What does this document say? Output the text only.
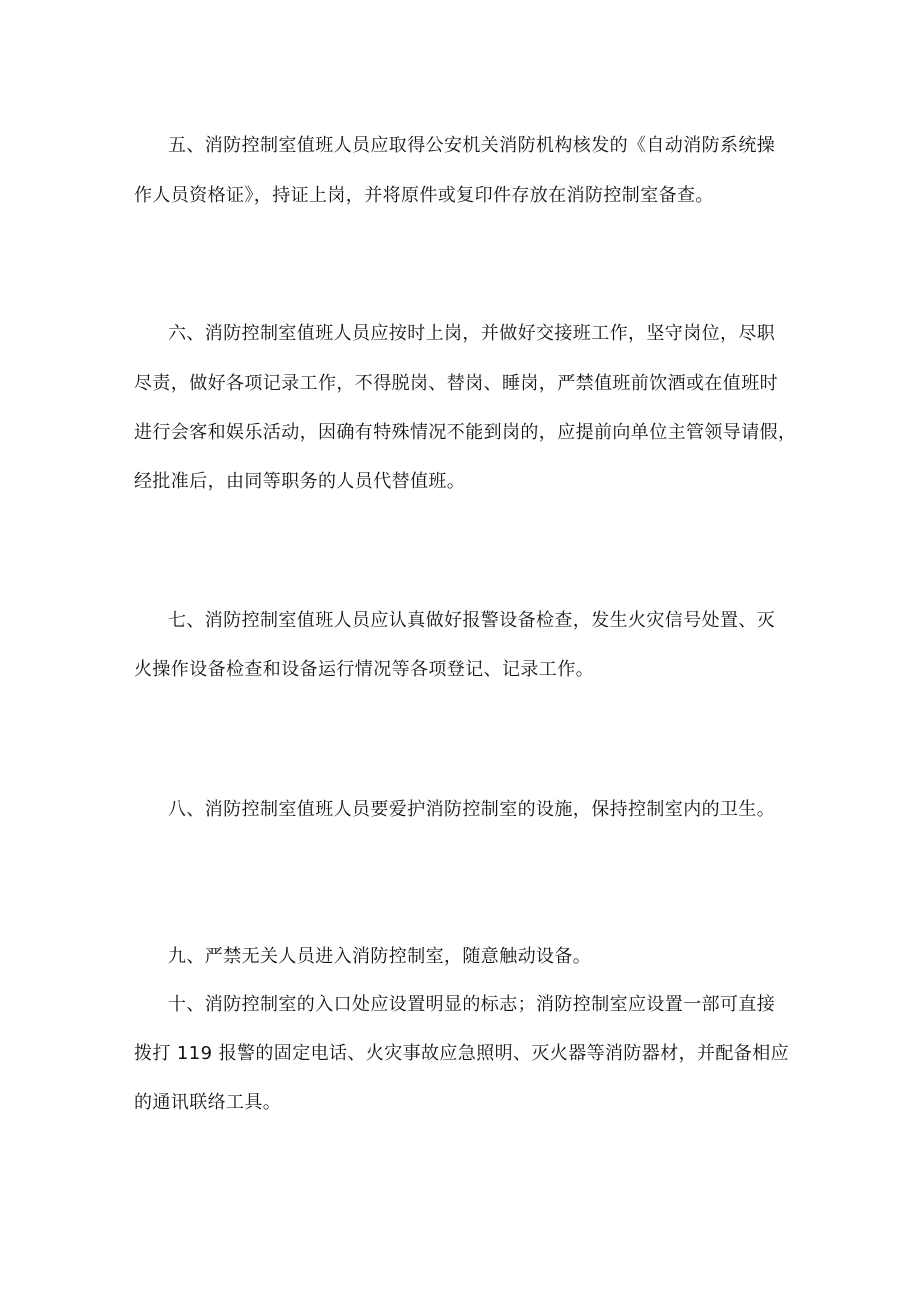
五、消防控制室值班人员应取得公安机关消防机构核发的《自动消防系统操
作人员资格证》，持证上岗，并将原件或复印件存放在消防控制室备查。
六、消防控制室值班人员应按时上岗，并做好交接班工作，坚守岗位，尽职
尽责，做好各项记录工作，不得脱岗、替岗、睡岗，严禁值班前饮酒或在值班时
进行会客和娱乐活动，因确有特殊情况不能到岗的，应提前向单位主管领导请假，
经批准后，由同等职务的人员代替值班。
七、消防控制室值班人员应认真做好报警设备检查，发生火灾信号处置、灭
火操作设备检查和设备运行情况等各项登记、记录工作。
八、消防控制室值班人员要爱护消防控制室的设施，保持控制室内的卫生。
九、严禁无关人员进入消防控制室，随意触动设备。
十、消防控制室的入口处应设置明显的标志；消防控制室应设置一部可直接
拨打 119 报警的固定电话、火灾事故应急照明、灭火器等消防器材，并配备相应
的通讯联络工具。
